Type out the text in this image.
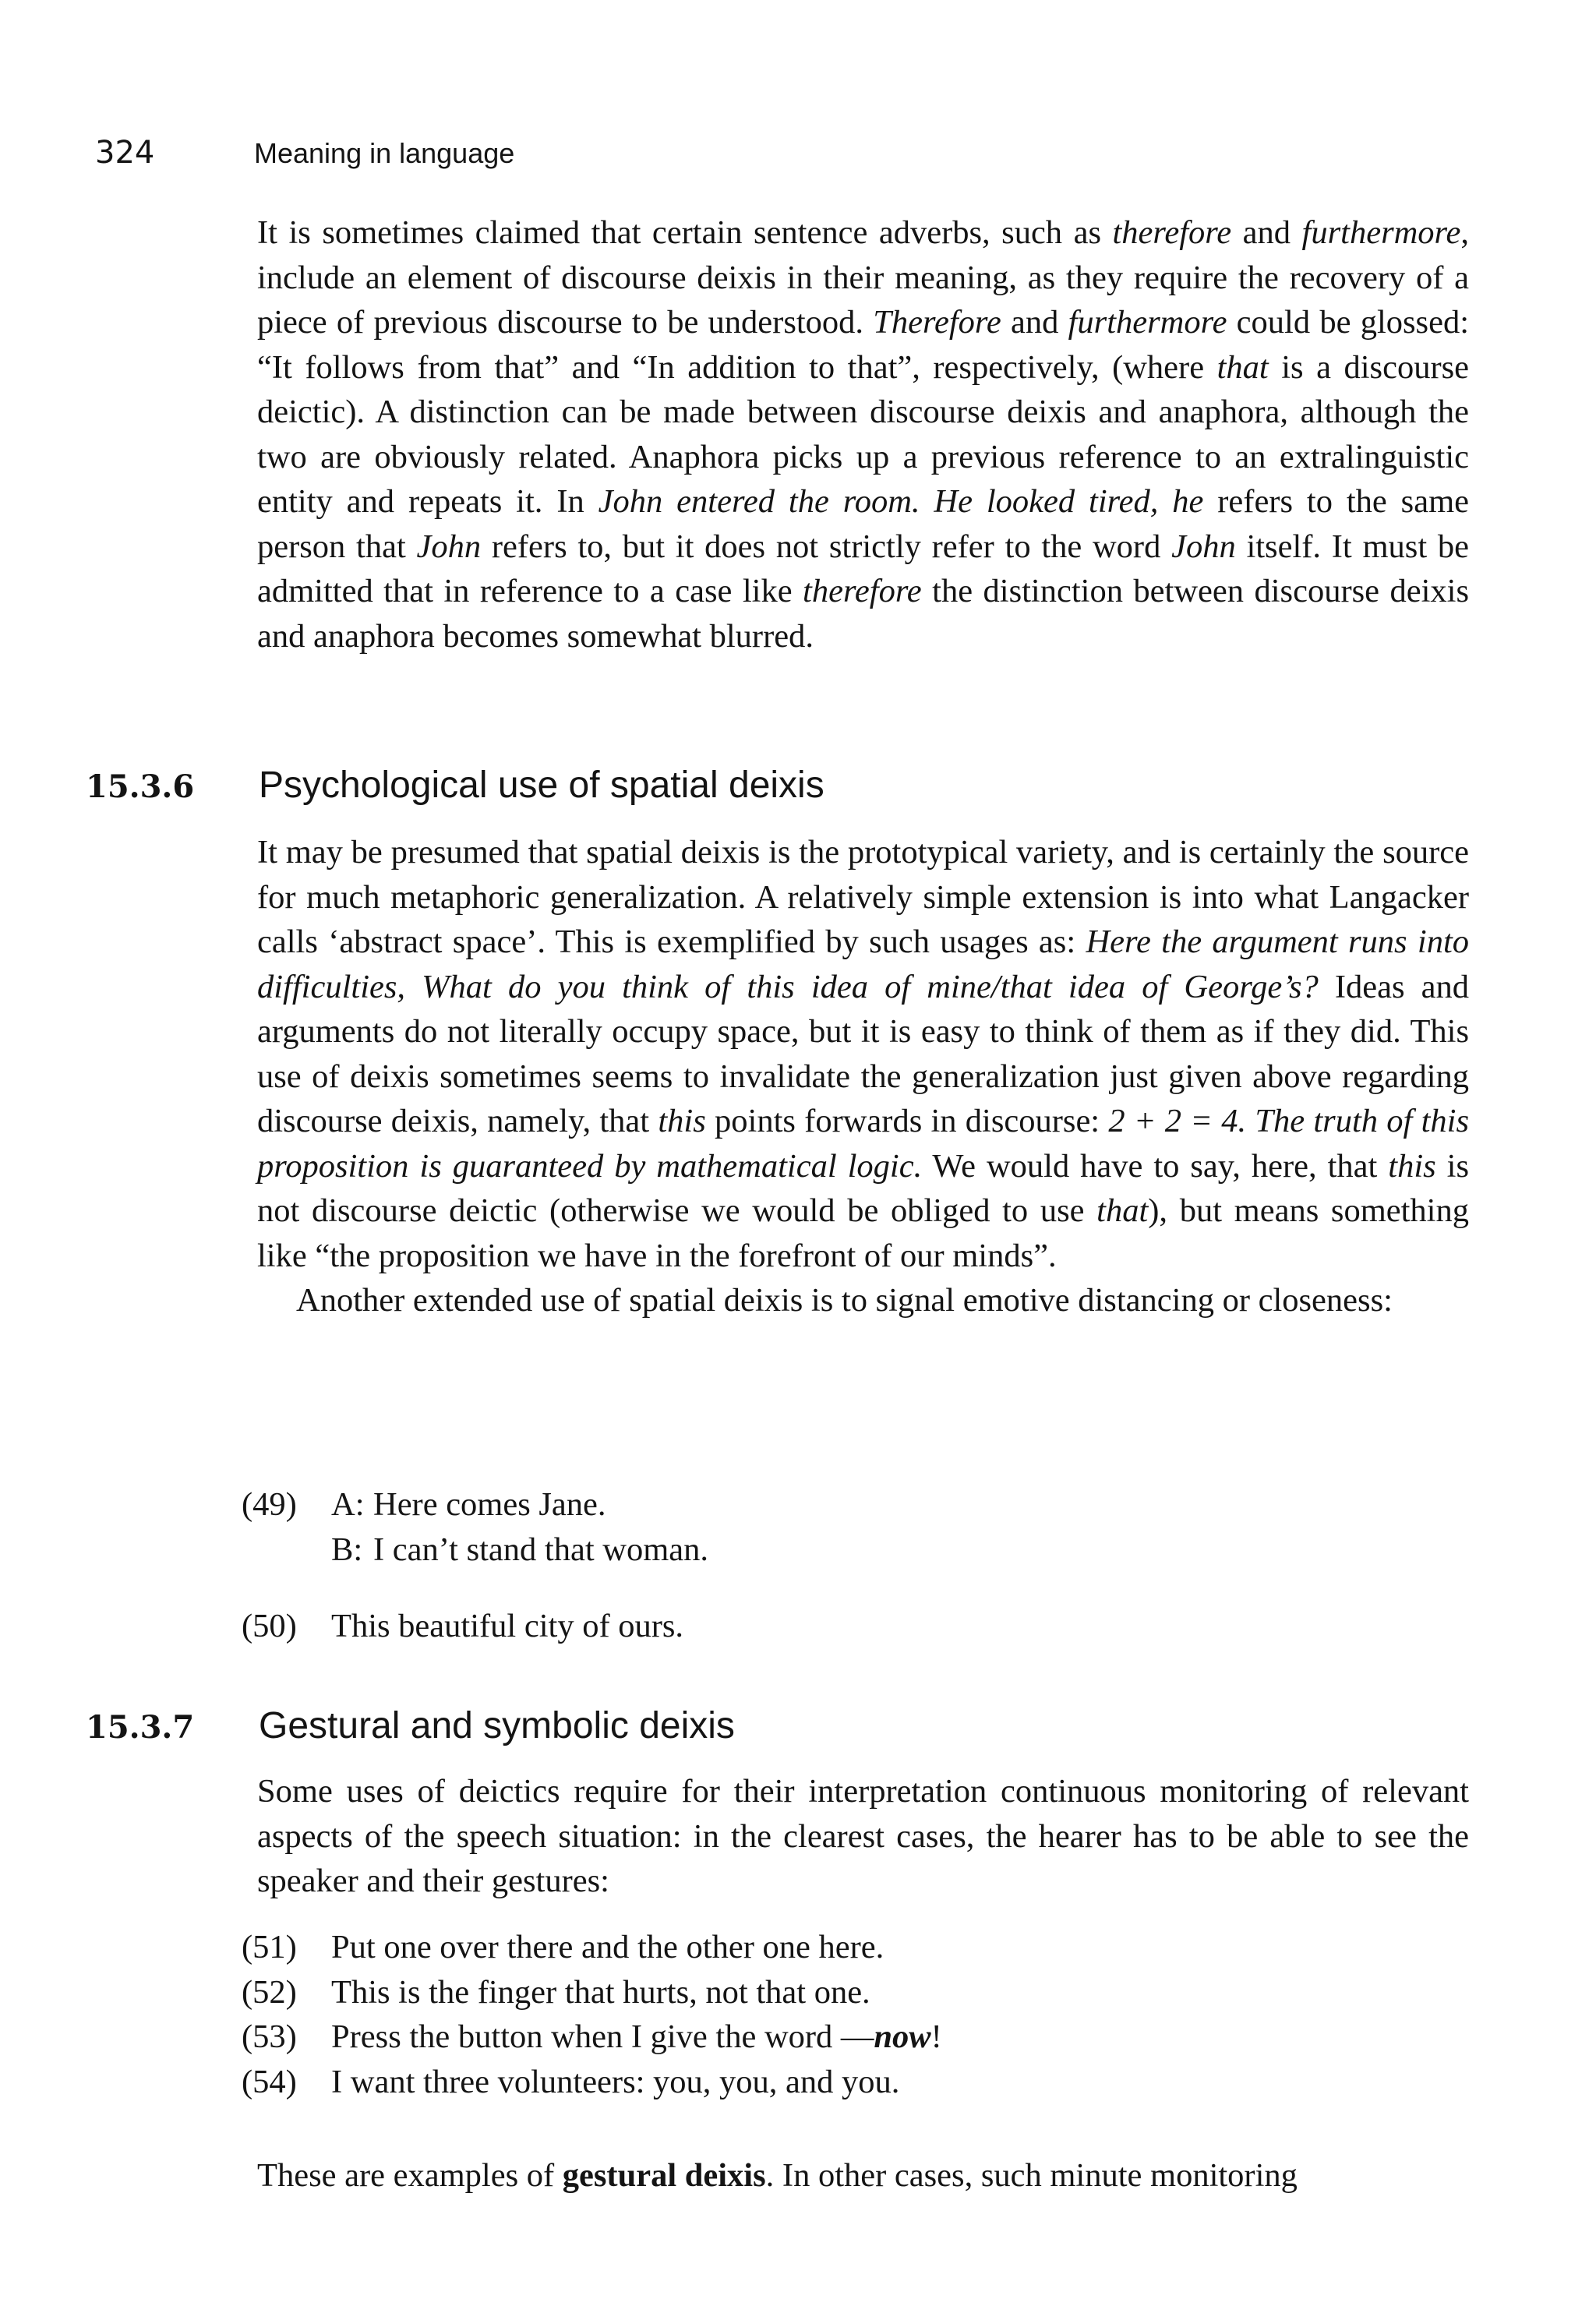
324	Meaning in language

It is sometimes claimed that certain sentence adverbs, such as therefore and furthermore, include an element of discourse deixis in their meaning, as they require the recovery of a piece of previous discourse to be understood. Therefore and furthermore could be glossed: “It follows from that” and “In addition to that”, respectively, (where that is a discourse deictic). A distinction can be made between discourse deixis and anaphora, although the two are obviously related. Anaphora picks up a previous reference to an extralinguistic entity and repeats it. In John entered the room. He looked tired, he refers to the same person that John refers to, but it does not strictly refer to the word John itself. It must be admitted that in reference to a case like therefore the distinction between discourse deixis and anaphora becomes somewhat blurred.

15.3.6 Psychological use of spatial deixis

It may be presumed that spatial deixis is the prototypical variety, and is certainly the source for much metaphoric generalization. A relatively simple extension is into what Langacker calls ‘abstract space’. This is exemplified by such usages as: Here the argument runs into difficulties, What do you think of this idea of mine/that idea of George’s? Ideas and arguments do not literally occupy space, but it is easy to think of them as if they did. This use of deixis sometimes seems to invalidate the generalization just given above regarding discourse deixis, namely, that this points forwards in discourse: 2 + 2 = 4. The truth of this proposition is guaranteed by mathematical logic. We would have to say, here, that this is not discourse deictic (otherwise we would be obliged to use that), but means something like “the proposition we have in the forefront of our minds”.

Another extended use of spatial deixis is to signal emotive distancing or closeness:

(49) A: Here comes Jane.
B: I can’t stand that woman.
(50) This beautiful city of ours.
15.3.7 Gestural and symbolic deixis

Some uses of deictics require for their interpretation continuous monitoring of relevant aspects of the speech situation: in the clearest cases, the hearer has to be able to see the speaker and their gestures:

(51) Put one over there and the other one here.
(52) This is the finger that hurts, not that one.
(53) Press the button when I give the word —now!
(54) I want three volunteers: you, you, and you.

These are examples of gestural deixis. In other cases, such minute monitoring
